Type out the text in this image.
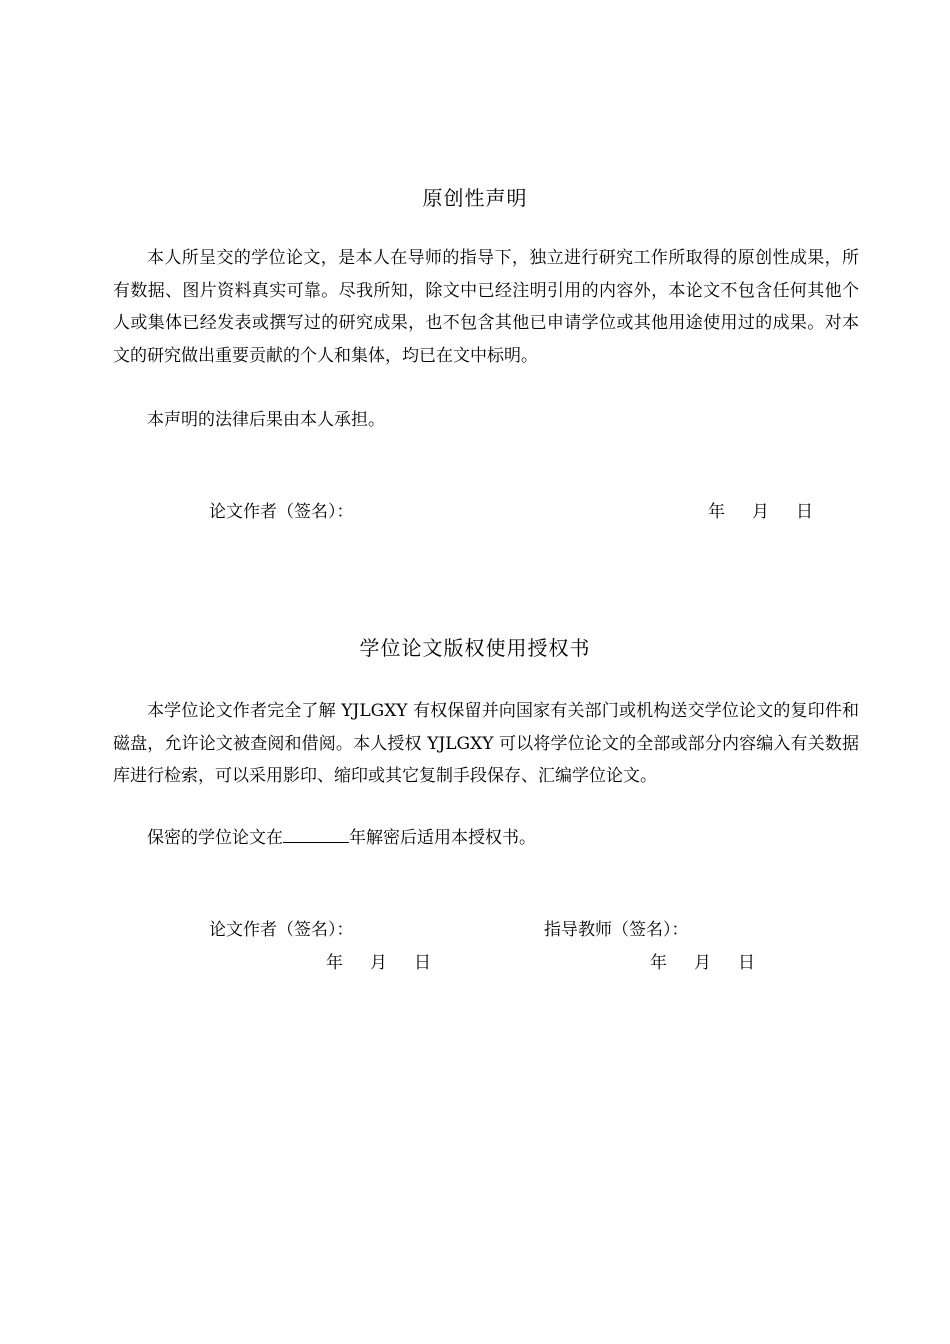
原创性声明

本人所呈交的学位论文，是本人在导师的指导下，独立进行研究工作所取得的原创性成果，所有数据、图片资料真实可靠。尽我所知，除文中已经注明引用的内容外，本论文不包含任何其他个人或集体已经发表或撰写过的研究成果，也不包含其他已申请学位或其他用途使用过的成果。对本文的研究做出重要贡献的个人和集体，均已在文中标明。

本声明的法律后果由本人承担。

论文作者（签名）：	年     月     日
学位论文版权使用授权书

本学位论文作者完全了解 YJLGXY 有权保留并向国家有关部门或机构送交学位论文的复印件和磁盘，允许论文被查阅和借阅。本人授权 YJLGXY 可以将学位论文的全部或部分内容编入有关数据库进行检索，可以采用影印、缩印或其它复制手段保存、汇编学位论文。

保密的学位论文在	年解密后适用本授权书。

论文作者（签名）：	指导教师（签名）：
年     月     日	年     月     日
